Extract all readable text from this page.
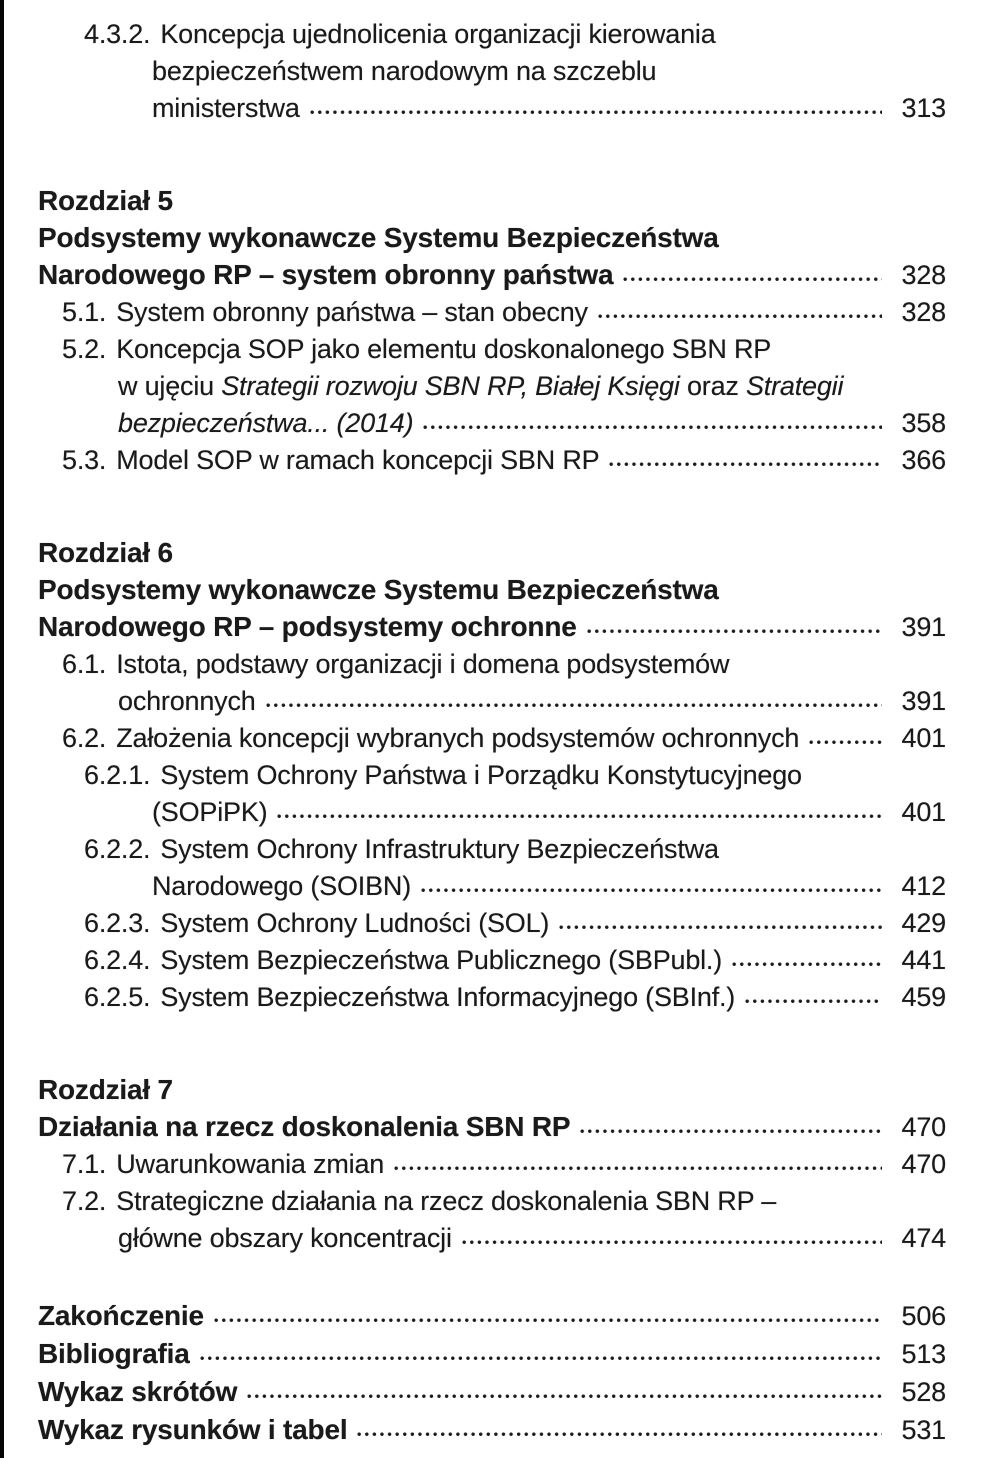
4.3.2. Koncepcja ujednolicenia organizacji kierowania
bezpieczeństwem narodowym na szczeblu
ministerstwa	313
Rozdział 5
Podsystemy wykonawcze Systemu Bezpieczeństwa
Narodowego RP – system obronny państwa	328
5.1. System obronny państwa – stan obecny	328
5.2. Koncepcja SOP jako elementu doskonalonego SBN RP
w ujęciu Strategii rozwoju SBN RP, Białej Księgi oraz Strategii
bezpieczeństwa... (2014)	358
5.3. Model SOP w ramach koncepcji SBN RP	366
Rozdział 6
Podsystemy wykonawcze Systemu Bezpieczeństwa
Narodowego RP – podsystemy ochronne	391
6.1. Istota, podstawy organizacji i domena podsystemów
ochronnych	391
6.2. Założenia koncepcji wybranych podsystemów ochronnych	401
6.2.1. System Ochrony Państwa i Porządku Konstytucyjnego
(SOPiPK)	401
6.2.2. System Ochrony Infrastruktury Bezpieczeństwa
Narodowego (SOIBN)	412
6.2.3. System Ochrony Ludności (SOL)	429
6.2.4. System Bezpieczeństwa Publicznego (SBPubl.)	441
6.2.5. System Bezpieczeństwa Informacyjnego (SBInf.)	459
Rozdział 7
Działania na rzecz doskonalenia SBN RP	470
7.1. Uwarunkowania zmian	470
7.2. Strategiczne działania na rzecz doskonalenia SBN RP –
główne obszary koncentracji	474
Zakończenie	506
Bibliografia	513
Wykaz skrótów	528
Wykaz rysunków i tabel	531
